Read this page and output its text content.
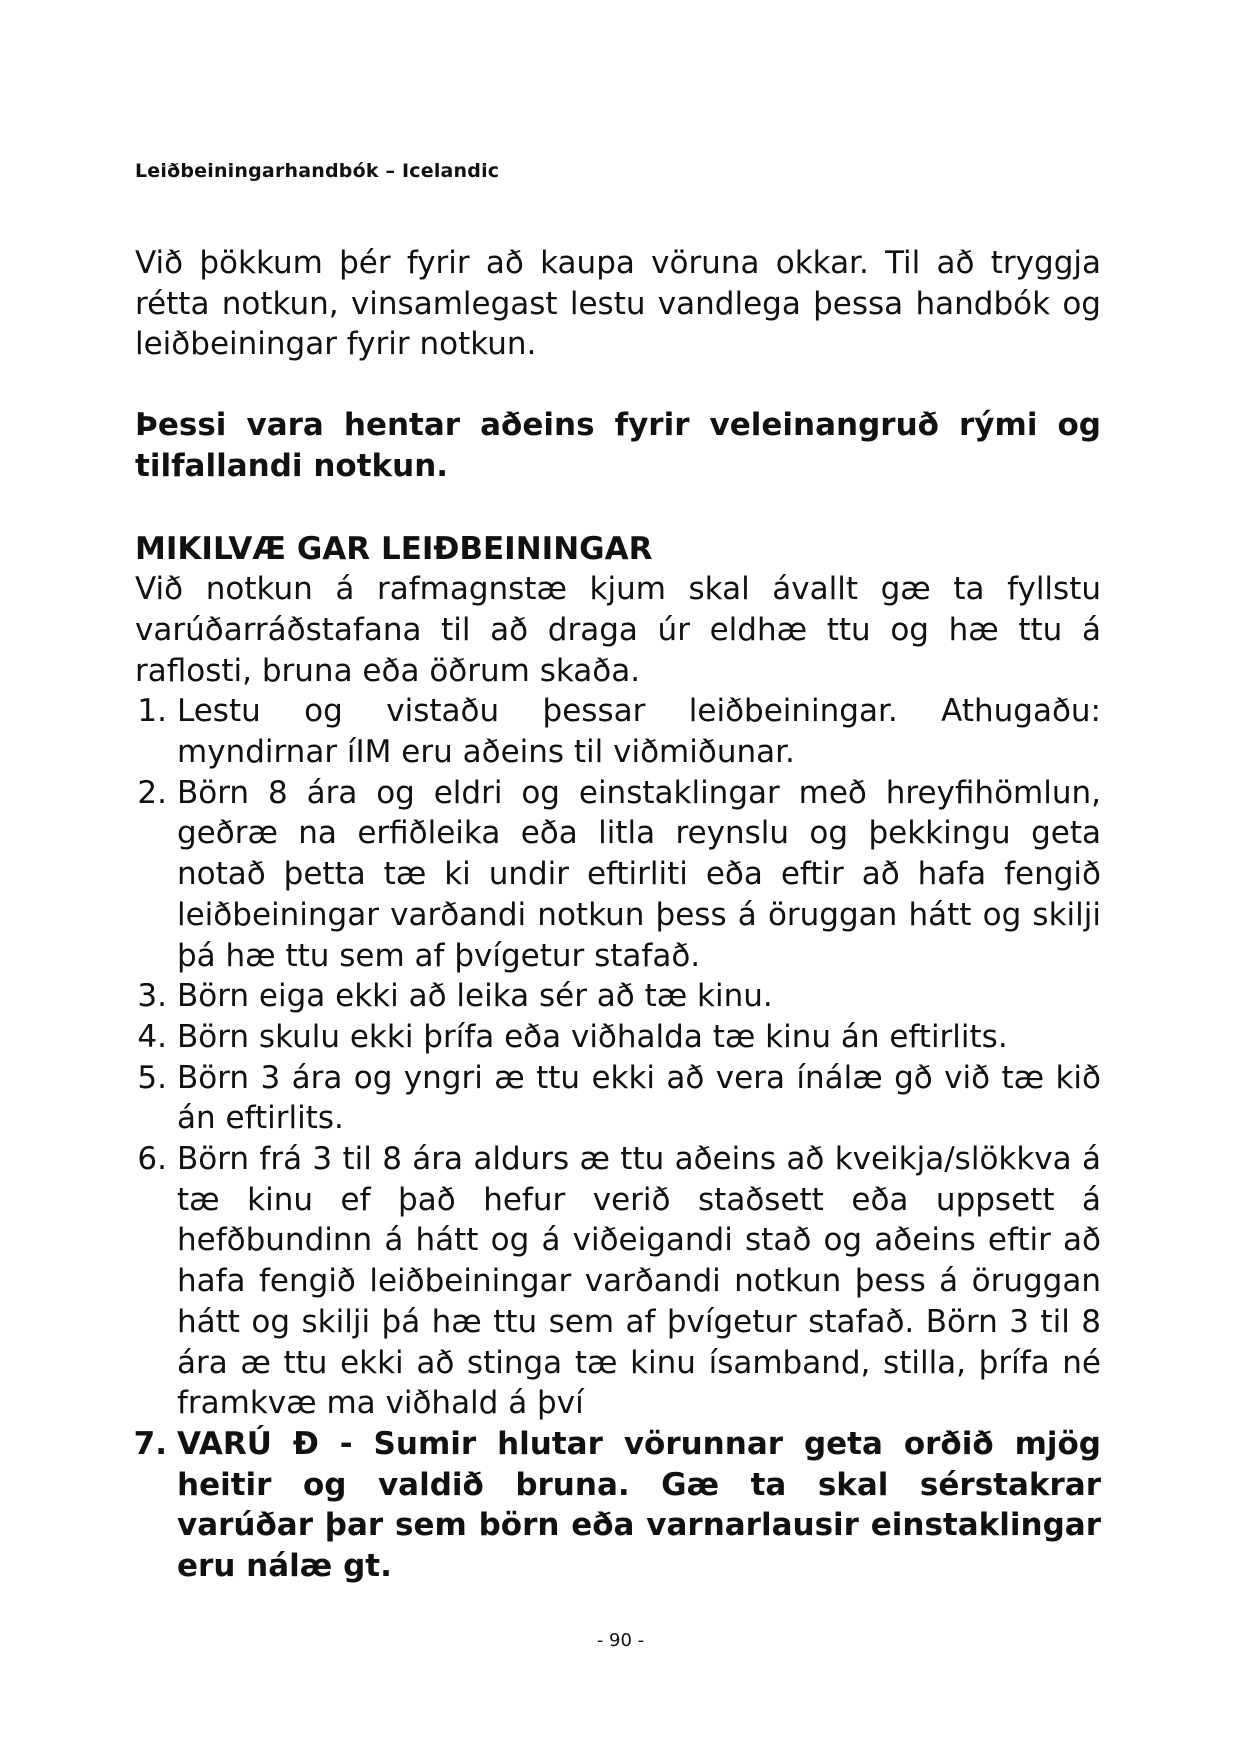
Leiðbeiningarhandbók – Icelandic

Við þökkum þér fyrir að kaupa vöruna okkar. Til að tryggja rétta notkun, vinsamlegast lestu vandlega þessa handbók og leiðbeiningar fyrir notkun.

Þessi vara hentar aðeins fyrir veleinangruð rými og tilfallandi notkun.

MIKILVÆ GAR LEIÐBEININGAR

Við notkun á rafmagnstæ kjum skal ávallt gæ ta fyllstu varúðarráðstafana til að draga úr eldhæ ttu og hæ ttu á raflosti, bruna eða öðrum skaða.

1. Lestu og vistaðu þessar leiðbeiningar. Athugaðu: myndirnar íIM eru aðeins til viðmiðunar.
2. Börn 8 ára og eldri og einstaklingar með hreyfihömlun, geðræ na erfiðleika eða litla reynslu og þekkingu geta notað þetta tæ ki undir eftirliti eða eftir að hafa fengið leiðbeiningar varðandi notkun þess á öruggan hátt og skilji þá hæ ttu sem af þvígetur stafað.
3. Börn eiga ekki að leika sér að tæ kinu.
4. Börn skulu ekki þrífa eða viðhalda tæ kinu án eftirlits.
5. Börn 3 ára og yngri æ ttu ekki að vera ínálæ gð við tæ kið án eftirlits.
6. Börn frá 3 til 8 ára aldurs æ ttu aðeins að kveikja/slökkva á tæ kinu ef það hefur verið staðsett eða uppsett á hefðbundinn á hátt og á viðeigandi stað og aðeins eftir að hafa fengið leiðbeiningar varðandi notkun þess á öruggan hátt og skilji þá hæ ttu sem af þvígetur stafað. Börn 3 til 8 ára æ ttu ekki að stinga tæ kinu ísamband, stilla, þrífa né framkvæ ma viðhald á því
7. VARÚ Ð - Sumir hlutar vörunnar geta orðið mjög heitir og valdið bruna. Gæ ta skal sérstakrar varúðar þar sem börn eða varnarlausir einstaklingar eru nálæ gt.
- 90 -
